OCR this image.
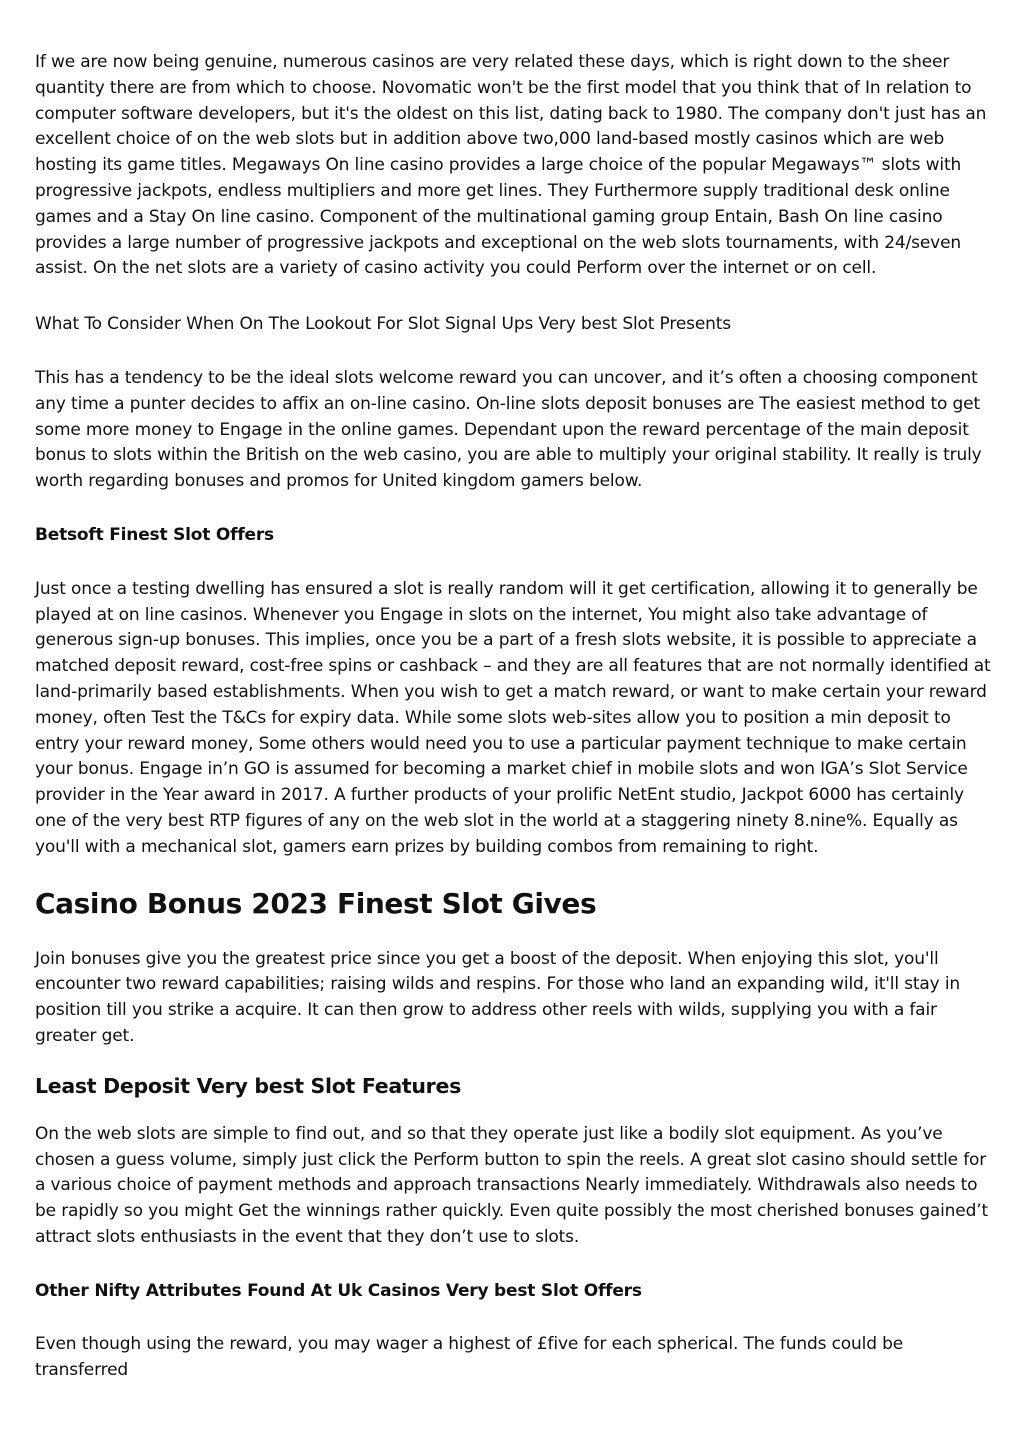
If we are now being genuine, numerous casinos are very related these days, which is right down to the sheer quantity there are from which to choose. Novomatic won't be the first model that you think that of In relation to computer software developers, but it's the oldest on this list, dating back to 1980. The company don't just has an excellent choice of on the web slots but in addition above two,000 land-based mostly casinos which are web hosting its game titles. Megaways On line casino provides a large choice of the popular Megaways™ slots with progressive jackpots, endless multipliers and more get lines. They Furthermore supply traditional desk online games and a Stay On line casino. Component of the multinational gaming group Entain, Bash On line casino provides a large number of progressive jackpots and exceptional on the web slots tournaments, with 24/seven assist. On the net slots are a variety of casino activity you could Perform over the internet or on cell.

What To Consider When On The Lookout For Slot Signal Ups Very best Slot Presents

This has a tendency to be the ideal slots welcome reward you can uncover, and it’s often a choosing component any time a punter decides to affix an on-line casino. On-line slots deposit bonuses are The easiest method to get some more money to Engage in the online games. Dependant upon the reward percentage of the main deposit bonus to slots within the British on the web casino, you are able to multiply your original stability. It really is truly worth regarding bonuses and promos for United kingdom gamers below.

Betsoft Finest Slot Offers

Just once a testing dwelling has ensured a slot is really random will it get certification, allowing it to generally be played at on line casinos. Whenever you Engage in slots on the internet, You might also take advantage of generous sign-up bonuses. This implies, once you be a part of a fresh slots website, it is possible to appreciate a matched deposit reward, cost-free spins or cashback – and they are all features that are not normally identified at land-primarily based establishments. When you wish to get a match reward, or want to make certain your reward money, often Test the T&Cs for expiry data. While some slots web-sites allow you to position a min deposit to entry your reward money, Some others would need you to use a particular payment technique to make certain your bonus. Engage in’n GO is assumed for becoming a market chief in mobile slots and won IGA’s Slot Service provider in the Year award in 2017. A further products of your prolific NetEnt studio, Jackpot 6000 has certainly one of the very best RTP figures of any on the web slot in the world at a staggering ninety 8.nine%. Equally as you'll with a mechanical slot, gamers earn prizes by building combos from remaining to right.

Casino Bonus 2023 Finest Slot Gives

Join bonuses give you the greatest price since you get a boost of the deposit. When enjoying this slot, you'll encounter two reward capabilities; raising wilds and respins. For those who land an expanding wild, it'll stay in position till you strike a acquire. It can then grow to address other reels with wilds, supplying you with a fair greater get.

Least Deposit Very best Slot Features

On the web slots are simple to find out, and so that they operate just like a bodily slot equipment. As you’ve chosen a guess volume, simply just click the Perform button to spin the reels. A great slot casino should settle for a various choice of payment methods and approach transactions Nearly immediately. Withdrawals also needs to be rapidly so you might Get the winnings rather quickly. Even quite possibly the most cherished bonuses gained’t attract slots enthusiasts in the event that they don’t use to slots.

Other Nifty Attributes Found At Uk Casinos Very best Slot Offers

Even though using the reward, you may wager a highest of £five for each spherical. The funds could be transferred
